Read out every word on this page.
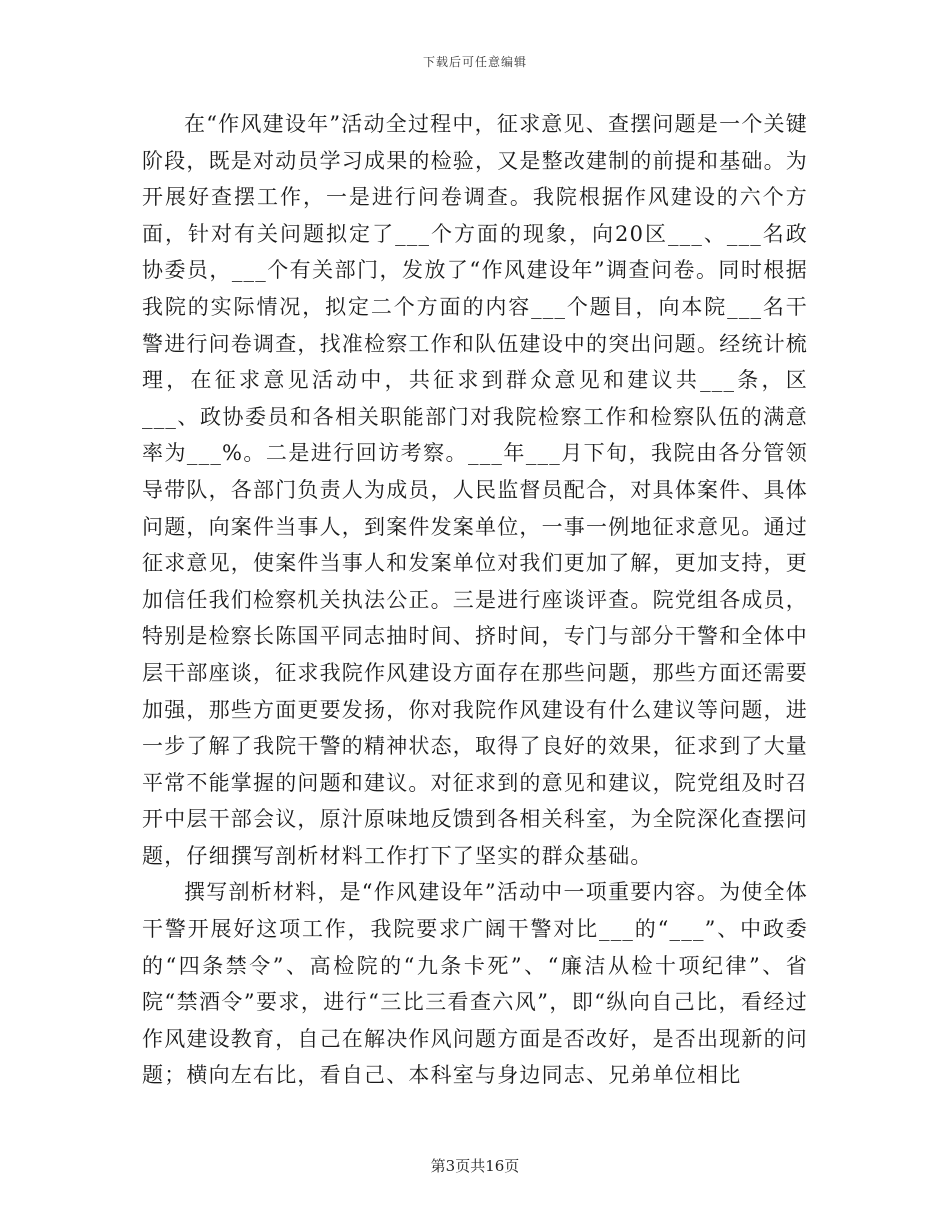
下载后可任意编辑

在“作风建设年”活动全过程中，征求意见、查摆问题是一个关键阶段，既是对动员学习成果的检验，又是整改建制的前提和基础。为开展好查摆工作，一是进行问卷调查。我院根据作风建设的六个方面，针对有关问题拟定了___个方面的现象，向20区___、___名政协委员，___个有关部门，发放了“作风建设年”调查问卷。同时根据我院的实际情况，拟定二个方面的内容___个题目，向本院___名干警进行问卷调查，找准检察工作和队伍建设中的突出问题。经统计梳理，在征求意见活动中，共征求到群众意见和建议共___条，区___、政协委员和各相关职能部门对我院检察工作和检察队伍的满意率为___%。二是进行回访考察。___年___月下旬，我院由各分管领导带队，各部门负责人为成员，人民监督员配合，对具体案件、具体问题，向案件当事人，到案件发案单位，一事一例地征求意见。通过征求意见，使案件当事人和发案单位对我们更加了解，更加支持，更加信任我们检察机关执法公正。三是进行座谈评查。院党组各成员，特别是检察长陈国平同志抽时间、挤时间，专门与部分干警和全体中层干部座谈，征求我院作风建设方面存在那些问题，那些方面还需要加强，那些方面更要发扬，你对我院作风建设有什么建议等问题，进一步了解了我院干警的精神状态，取得了良好的效果，征求到了大量平常不能掌握的问题和建议。对征求到的意见和建议，院党组及时召开中层干部会议，原汁原味地反馈到各相关科室，为全院深化查摆问题，仔细撰写剖析材料工作打下了坚实的群众基础。

撰写剖析材料，是“作风建设年”活动中一项重要内容。为使全体干警开展好这项工作，我院要求广阔干警对比___的“___”、中政委的“四条禁令”、高检院的“九条卡死”、“廉洁从检十项纪律”、省院“禁酒令”要求，进行“三比三看查六风”，即“纵向自己比，看经过作风建设教育，自己在解决作风问题方面是否改好，是否出现新的问题；横向左右比，看自己、本科室与身边同志、兄弟单位相比

第3页共16页
